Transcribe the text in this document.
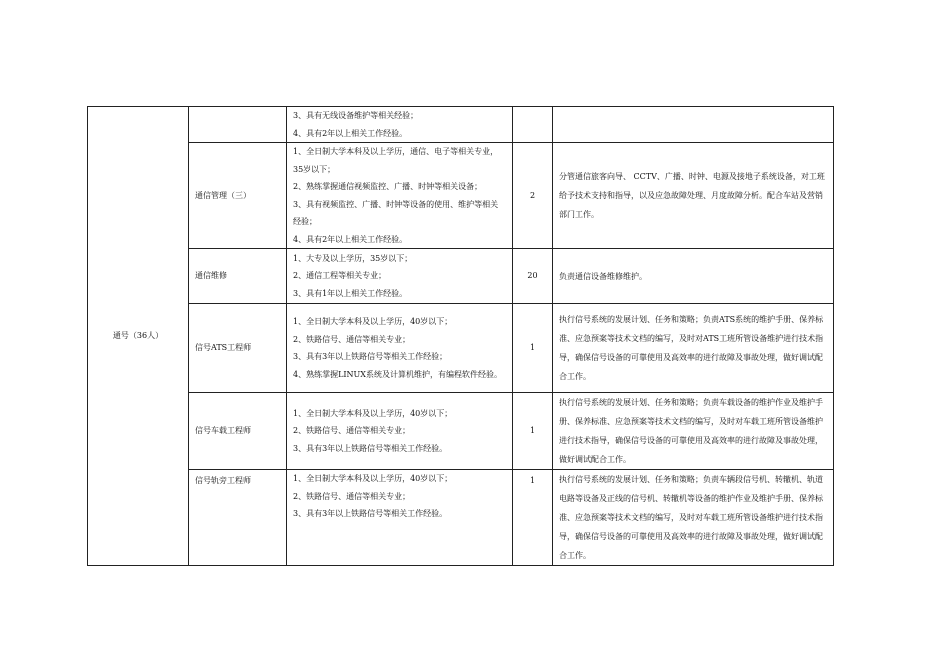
通号（36人）		3、具有无线设备维护等相关经验；
4、具有2年以上相关工作经验。		

	通信管理（三）	1、全日制大学本科及以上学历，通信、电子等相关专业，35岁以下；
2、熟练掌握通信视频监控、广播、时钟等相关设备；
3、具有视频监控、广播、时钟等设备的使用、维护等相关经验；
4、具有2年以上相关工作经验。	2	分管通信旅客向导、 CCTV、广播、时钟、电源及接地子系统设备，对工班给予技术支持和指导，以及应急故障处理、月度故障分析。配合车站及营销部门工作。
	通信维修	1、大专及以上学历，35岁以下；
2、通信工程等相关专业；
3、具有1年以上相关工作经验。	20	负责通信设备维修维护。
	信号ATS工程师	1、全日制大学本科及以上学历，40岁以下；
2、铁路信号、通信等相关专业；
3、具有3年以上铁路信号等相关工作经验；
4、熟练掌握LINUX系统及计算机维护，有编程软件经验。	1	执行信号系统的发展计划、任务和策略；负责ATS系统的维护手册、保养标准、应急预案等技术文档的编写，及时对ATS工班所管设备维护进行技术指导，确保信号设备的可靠使用及高效率的进行故障及事故处理，做好调试配合工作。
	信号车载工程师	1、全日制大学本科及以上学历，40岁以下；
2、铁路信号、通信等相关专业；
3、具有3年以上铁路信号等相关工作经验。	1	执行信号系统的发展计划、任务和策略；负责车载设备的维护作业及维护手册、保养标准、应急预案等技术文档的编写，及时对车载工班所管设备维护进行技术指导，确保信号设备的可靠使用及高效率的进行故障及事故处理，做好调试配合工作。
	信号轨旁工程师	1、全日制大学本科及以上学历，40岁以下；
2、铁路信号、通信等相关专业；
3、具有3年以上铁路信号等相关工作经验。	1	执行信号系统的发展计划、任务和策略；负责车辆段信号机、转辙机、轨道电路等设备及正线的信号机、转辙机等设备的维护作业及维护手册、保养标准、应急预案等技术文档的编写，及时对车载工班所管设备维护进行技术指导，确保信号设备的可靠使用及高效率的进行故障及事故处理，做好调试配合工作。
